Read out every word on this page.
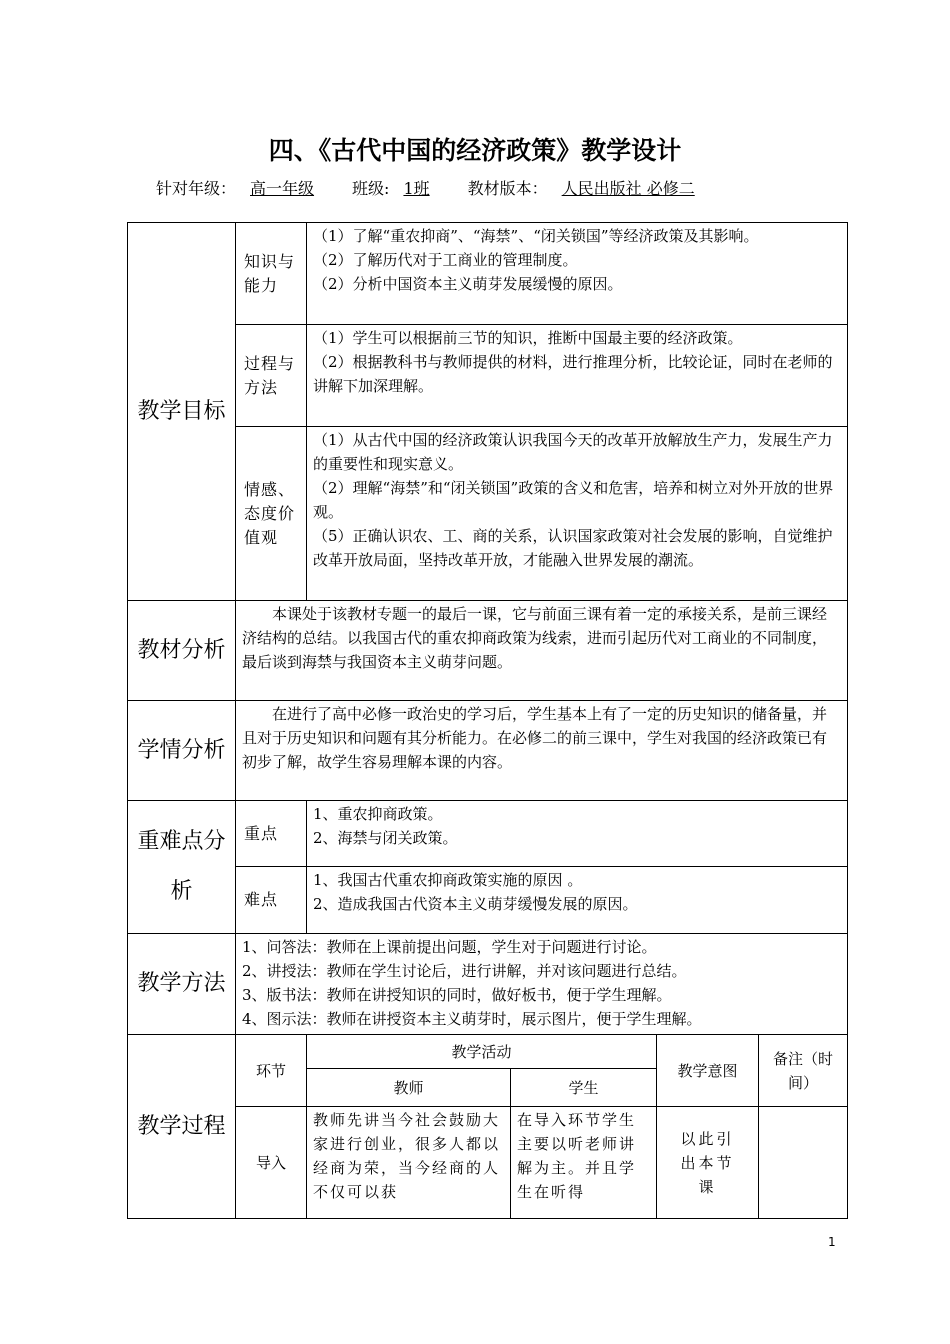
四、《古代中国的经济政策》教学设计
针对年级： 高一年级 班级: 1班 教材版本： 人民出版社 必修二
教学目标	知识与能力	（1）了解“重农抑商”、“海禁”、“闭关锁国”等经济政策及其影响。
（2）了解历代对于工商业的管理制度。
（2）分析中国资本主义萌芽发展缓慢的原因。			

	过程与方法	（1）学生可以根据前三节的知识，推断中国最主要的经济政策。
（2）根据教科书与教师提供的材料，进行推理分析，比较论证，同时在老师的讲解下加深理解。			

	情感、态度价值观	（1）从古代中国的经济政策认识我国今天的改革开放解放生产力，发展生产力的重要性和现实意义。
（2）理解“海禁”和“闭关锁国”政策的含义和危害，培养和树立对外开放的世界观。
（5）正确认识农、工、商的关系，认识国家政策对社会发展的影响，自觉维护改革开放局面，坚持改革开放，才能融入世界发展的潮流。			

教材分析	本课处于该教材专题一的最后一课，它与前面三课有着一定的承接关系，是前三课经济结构的总结。以我国古代的重农抑商政策为线索，进而引起历代对工商业的不同制度，最后谈到海禁与我国资本主义萌芽问题。				
学情分析	在进行了高中必修一政治史的学习后，学生基本上有了一定的历史知识的储备量，并且对于历史知识和问题有其分析能力。在必修二的前三课中，学生对我国的经济政策已有初步了解，故学生容易理解本课的内容。				
重难点分析	重点	1、重农抑商政策。
2、海禁与闭关政策。			

	难点	1、我国古代重农抑商政策实施的原因 。
2、造成我国古代资本主义萌芽缓慢发展的原因。			

教学方法	1、问答法：教师在上课前提出问题，学生对于问题进行讨论。
2、讲授法：教师在学生讨论后，进行讲解，并对该问题进行总结。
3、版书法：教师在讲授知识的同时，做好板书，便于学生理解。
4、图示法：教师在讲授资本主义萌芽时，展示图片，便于学生理解。				

教学过程	环节	教学活动		教学意图	备注（时间）
		教师	学生		
	导入	教师先讲当今社会鼓励大家进行创业，很多人都以经商为荣，当今经商的人不仅可以获	在导入环节学生主要以听老师讲解为主。并且学生在听得	以此引出本节课	
1
